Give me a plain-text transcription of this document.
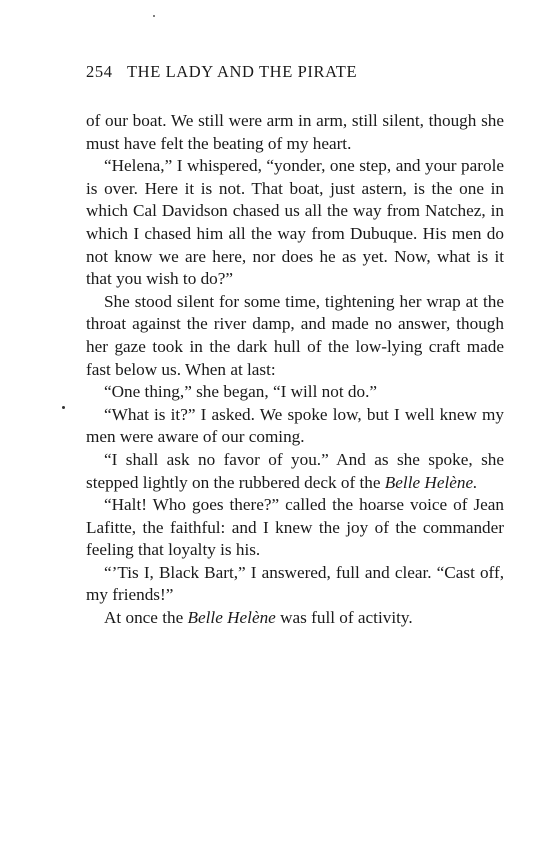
254 THE LADY AND THE PIRATE

of our boat. We still were arm in arm, still silent, though she must have felt the beating of my heart.

“Helena,” I whispered, “yonder, one step, and your parole is over. Here it is not. That boat, just astern, is the one in which Cal Davidson chased us all the way from Natchez, in which I chased him all the way from Dubuque. His men do not know we are here, nor does he as yet. Now, what is it that you wish to do?”

She stood silent for some time, tightening her wrap at the throat against the river damp, and made no answer, though her gaze took in the dark hull of the low-lying craft made fast below us. When at last:

“One thing,” she began, “I will not do.”

“What is it?” I asked. We spoke low, but I well knew my men were aware of our coming.

“I shall ask no favor of you.” And as she spoke, she stepped lightly on the rubbered deck of the Belle Helène.

“Halt! Who goes there?” called the hoarse voice of Jean Lafitte, the faithful: and I knew the joy of the commander feeling that loyalty is his.

“’Tis I, Black Bart,” I answered, full and clear. “Cast off, my friends!”

At once the Belle Helène was full of activity.
